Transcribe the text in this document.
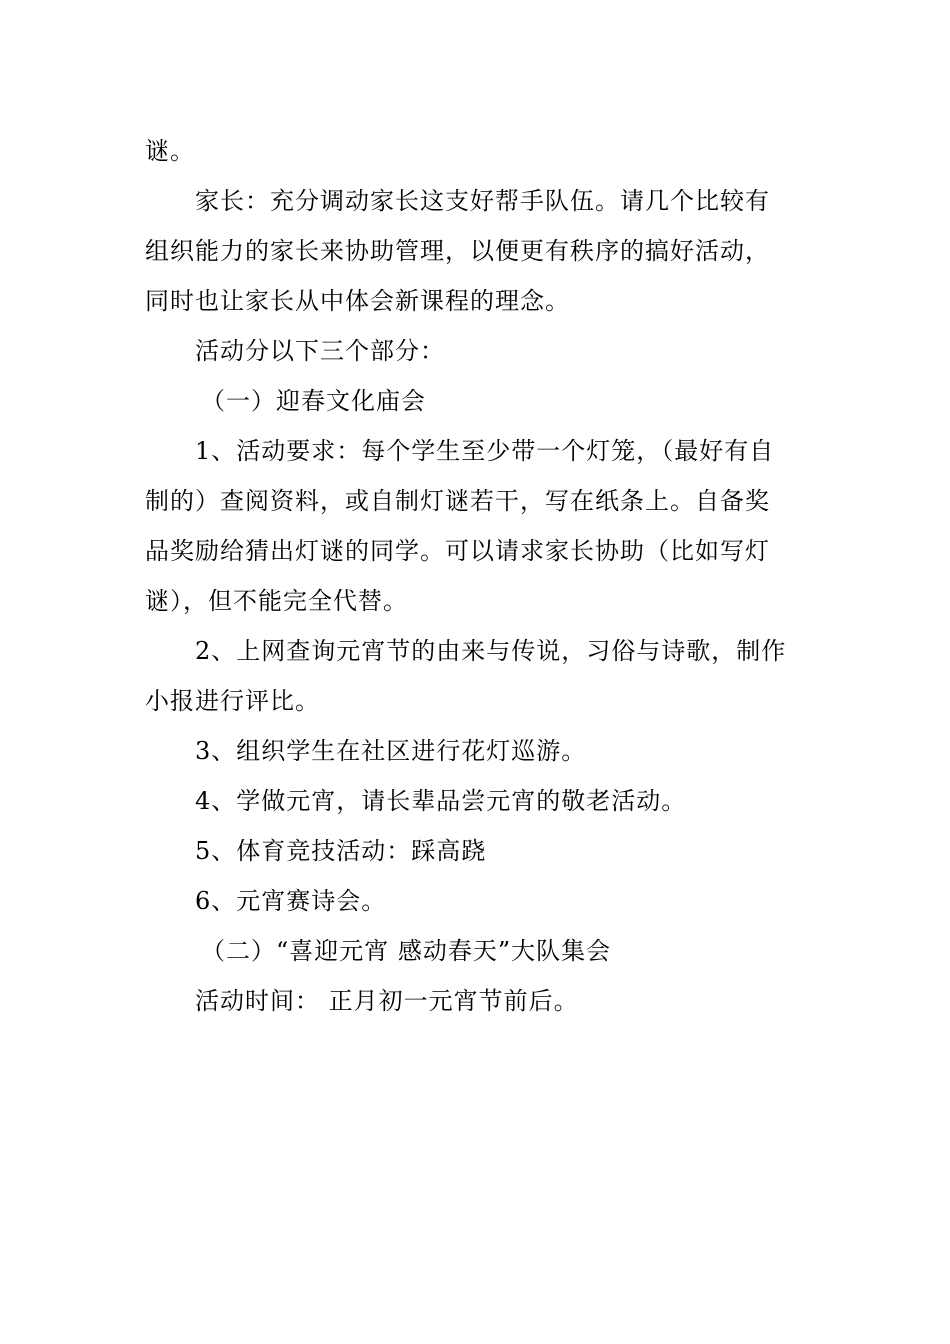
谜。
家长：充分调动家长这支好帮手队伍。请几个比较有
组织能力的家长来协助管理，以便更有秩序的搞好活动，
同时也让家长从中体会新课程的理念。
活动分以下三个部分：
（一）迎春文化庙会
1、活动要求：每个学生至少带一个灯笼，（最好有自
制的）查阅资料，或自制灯谜若干，写在纸条上。自备奖
品奖励给猜出灯谜的同学。可以请求家长协助（比如写灯
谜），但不能完全代替。
2、上网查询元宵节的由来与传说，习俗与诗歌，制作
小报进行评比。
3、组织学生在社区进行花灯巡游。
4、学做元宵，请长辈品尝元宵的敬老活动。
5、体育竞技活动：踩高跷
6、元宵赛诗会。
（二）“喜迎元宵 感动春天”大队集会
活动时间： 正月初一元宵节前后。
